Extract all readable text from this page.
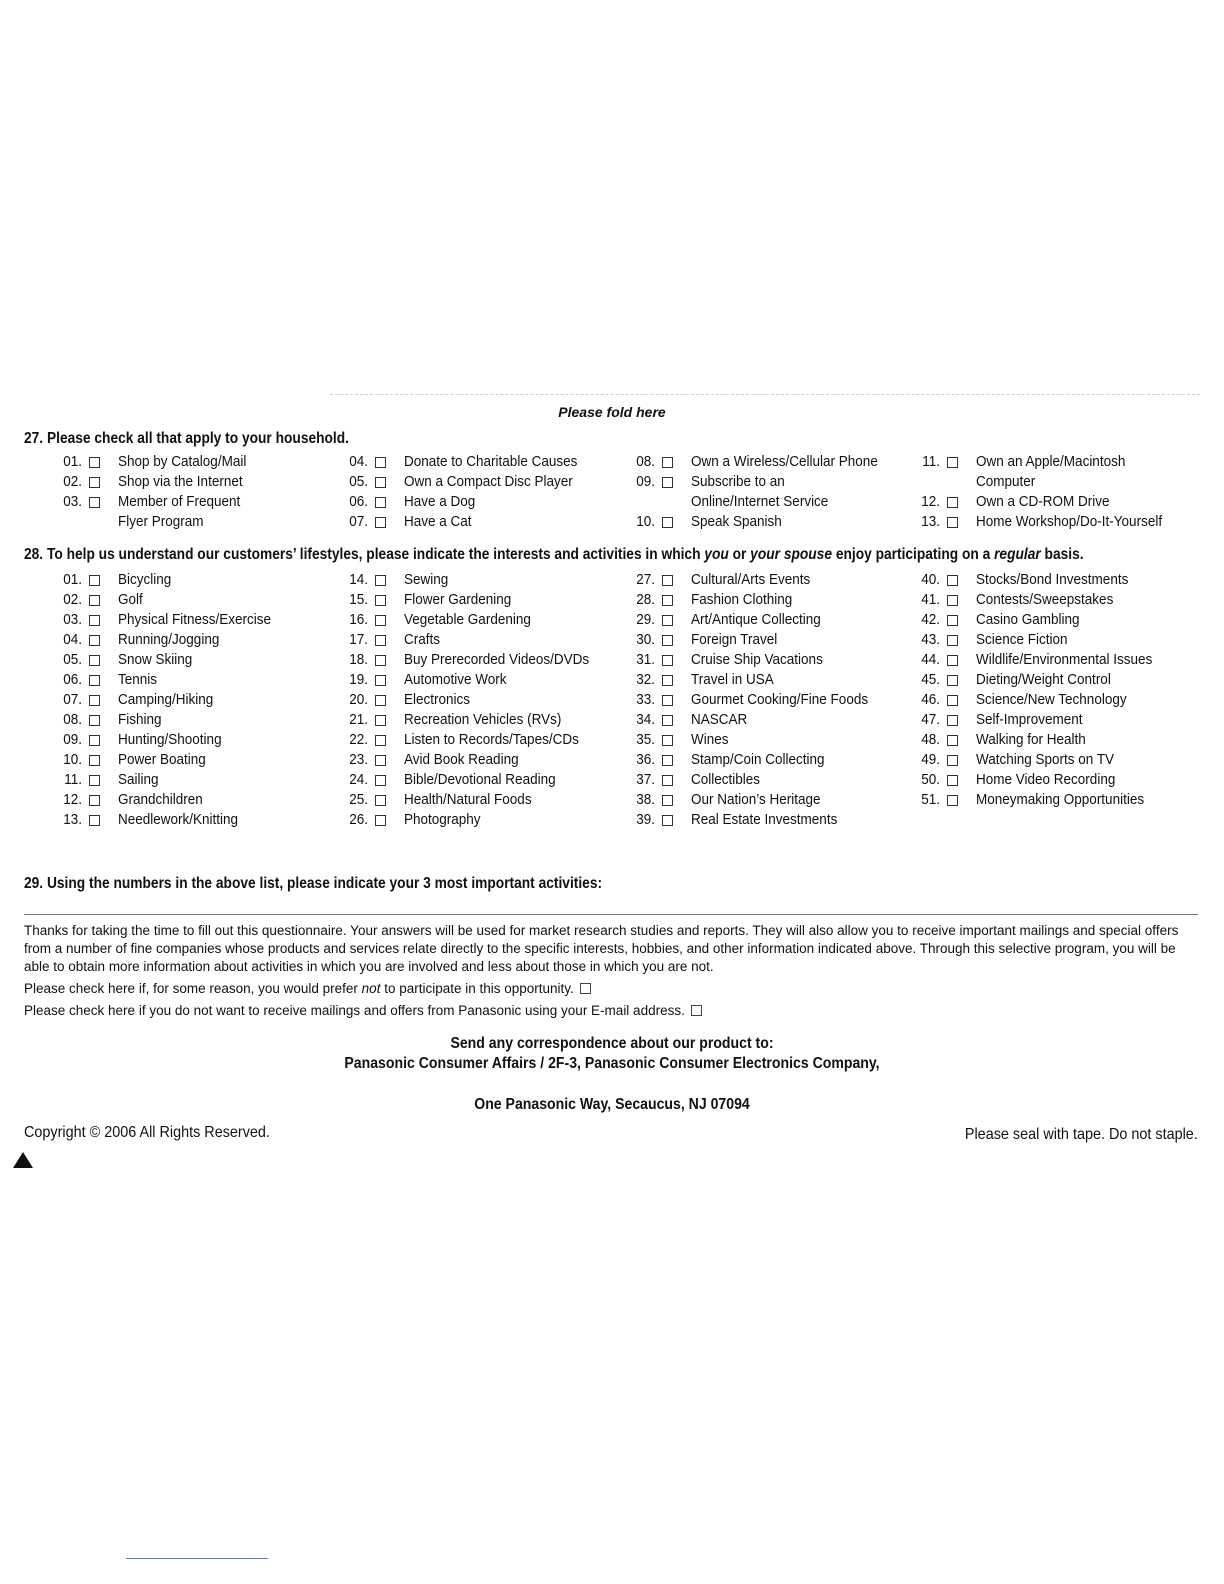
Please fold here
27. Please check all that apply to your household.
01. Shop by Catalog/Mail
02. Shop via the Internet
03. Member of Frequent
Flyer Program
04. Donate to Charitable Causes
05. Own a Compact Disc Player
06. Have a Dog
07. Have a Cat
08. Own a Wireless/Cellular Phone
09. Subscribe to an
Online/Internet Service
10. Speak Spanish
11. Own an Apple/Macintosh
Computer
12. Own a CD-ROM Drive
13. Home Workshop/Do-It-Yourself
28. To help us understand our customers’ lifestyles, please indicate the interests and activities in which you or your spouse enjoy participating on a regular basis.
01. Bicycling
02. Golf
03. Physical Fitness/Exercise
04. Running/Jogging
05. Snow Skiing
06. Tennis
07. Camping/Hiking
08. Fishing
09. Hunting/Shooting
10. Power Boating
11. Sailing
12. Grandchildren
13. Needlework/Knitting
14. Sewing
15. Flower Gardening
16. Vegetable Gardening
17. Crafts
18. Buy Prerecorded Videos/DVDs
19. Automotive Work
20. Electronics
21. Recreation Vehicles (RVs)
22. Listen to Records/Tapes/CDs
23. Avid Book Reading
24. Bible/Devotional Reading
25. Health/Natural Foods
26. Photography
27. Cultural/Arts Events
28. Fashion Clothing
29. Art/Antique Collecting
30. Foreign Travel
31. Cruise Ship Vacations
32. Travel in USA
33. Gourmet Cooking/Fine Foods
34. NASCAR
35. Wines
36. Stamp/Coin Collecting
37. Collectibles
38. Our Nation’s Heritage
39. Real Estate Investments
40. Stocks/Bond Investments
41. Contests/Sweepstakes
42. Casino Gambling
43. Science Fiction
44. Wildlife/Environmental Issues
45. Dieting/Weight Control
46. Science/New Technology
47. Self-Improvement
48. Walking for Health
49. Watching Sports on TV
50. Home Video Recording
51. Moneymaking Opportunities
29. Using the numbers in the above list, please indicate your 3 most important activities:
Thanks for taking the time to fill out this questionnaire. Your answers will be used for market research studies and reports. They will also allow you to receive important mailings and special offers from a number of fine companies whose products and services relate directly to the specific interests, hobbies, and other information indicated above. Through this selective program, you will be able to obtain more information about activities in which you are involved and less about those in which you are not.
Please check here if, for some reason, you would prefer not to participate in this opportunity.
Please check here if you do not want to receive mailings and offers from Panasonic using your E-mail address.
Send any correspondence about our product to:
Panasonic Consumer Affairs / 2F-3, Panasonic Consumer Electronics Company,
One Panasonic Way, Secaucus, NJ 07094
Copyright © 2006 All Rights Reserved.	Please seal with tape. Do not staple.
